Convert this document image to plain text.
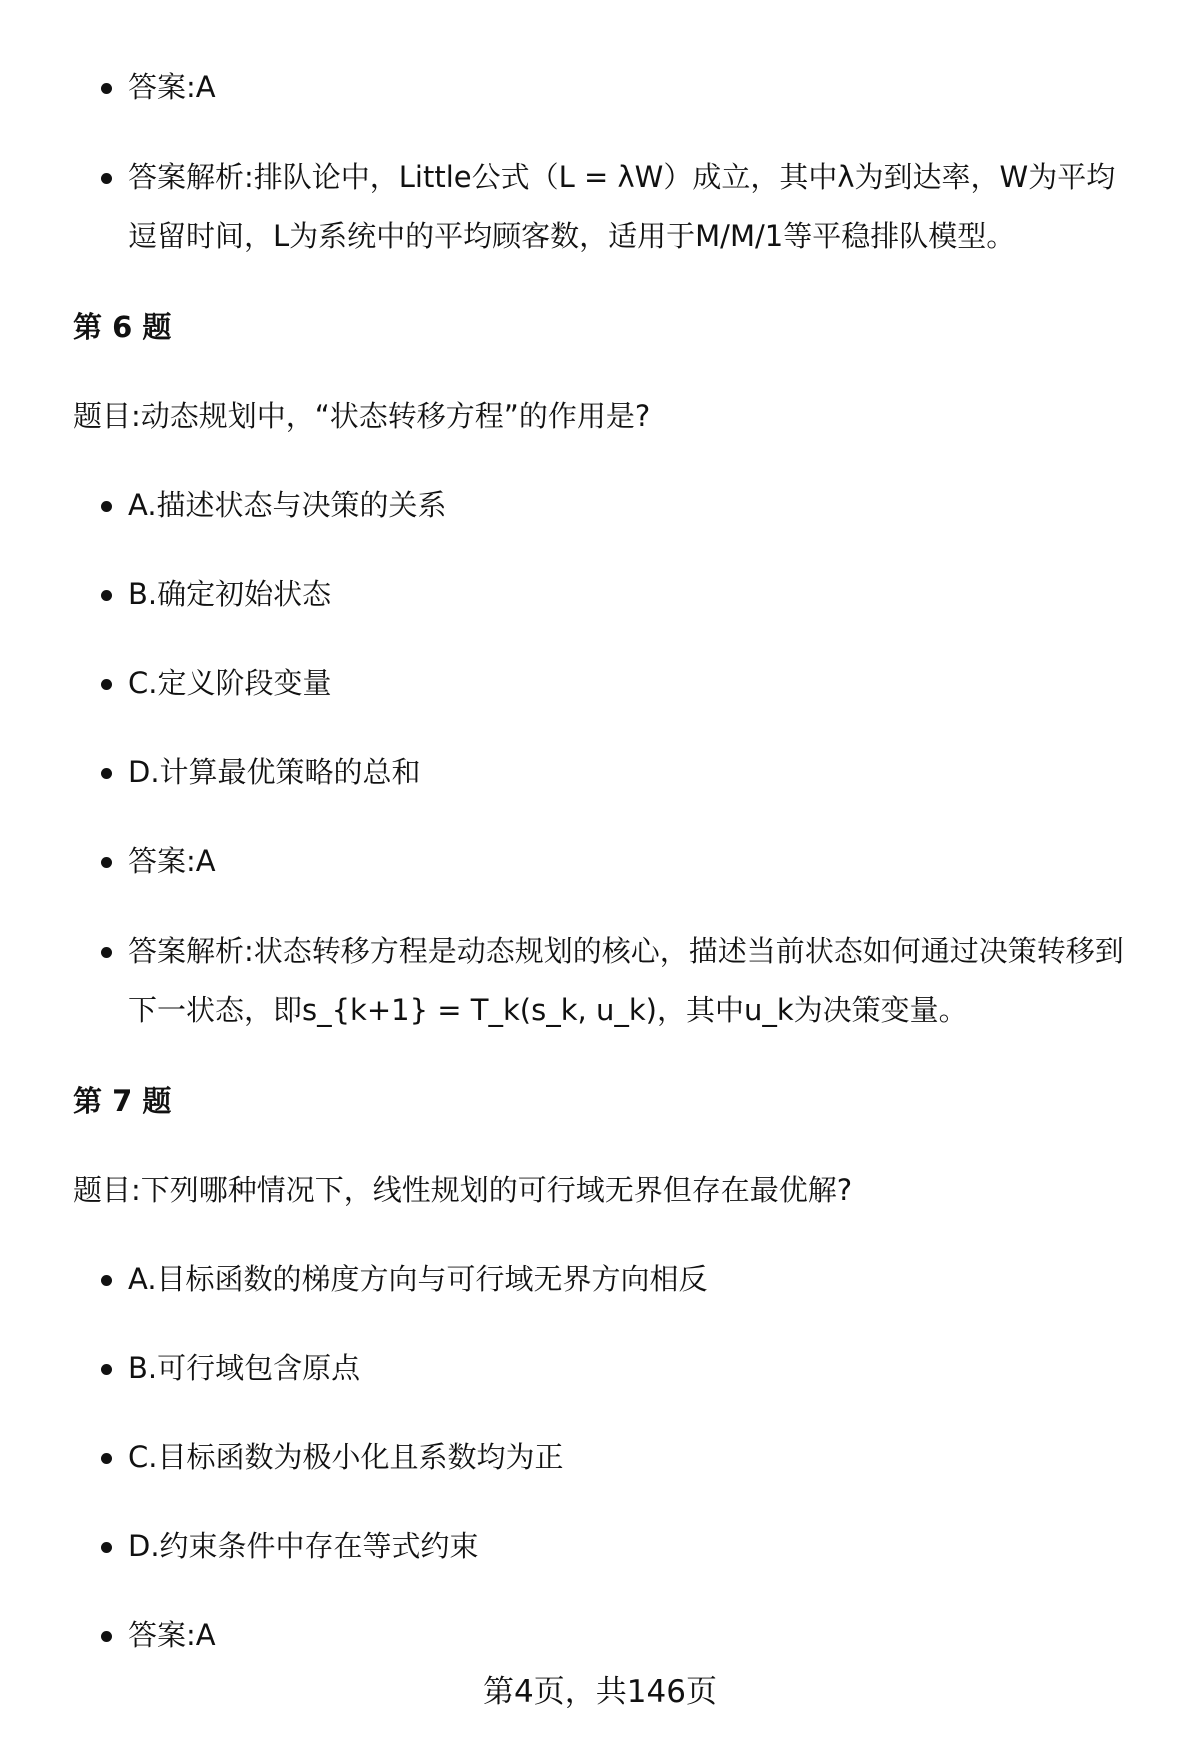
答案:A
答案解析:排队论中，Little公式（L = λW）成立，其中λ为到达率，W为平均逗留时间，L为系统中的平均顾客数，适用于M/M/1等平稳排队模型。
第 6 题
题目:动态规划中，“状态转移方程”的作用是?
A.描述状态与决策的关系
B.确定初始状态
C.定义阶段变量
D.计算最优策略的总和
答案:A
答案解析:状态转移方程是动态规划的核心，描述当前状态如何通过决策转移到下一状态，即s_{k+1} = T_k(s_k, u_k)，其中u_k为决策变量。
第 7 题
题目:下列哪种情况下，线性规划的可行域无界但存在最优解?
A.目标函数的梯度方向与可行域无界方向相反
B.可行域包含原点
C.目标函数为极小化且系数均为正
D.约束条件中存在等式约束
答案:A
第4页，共146页
